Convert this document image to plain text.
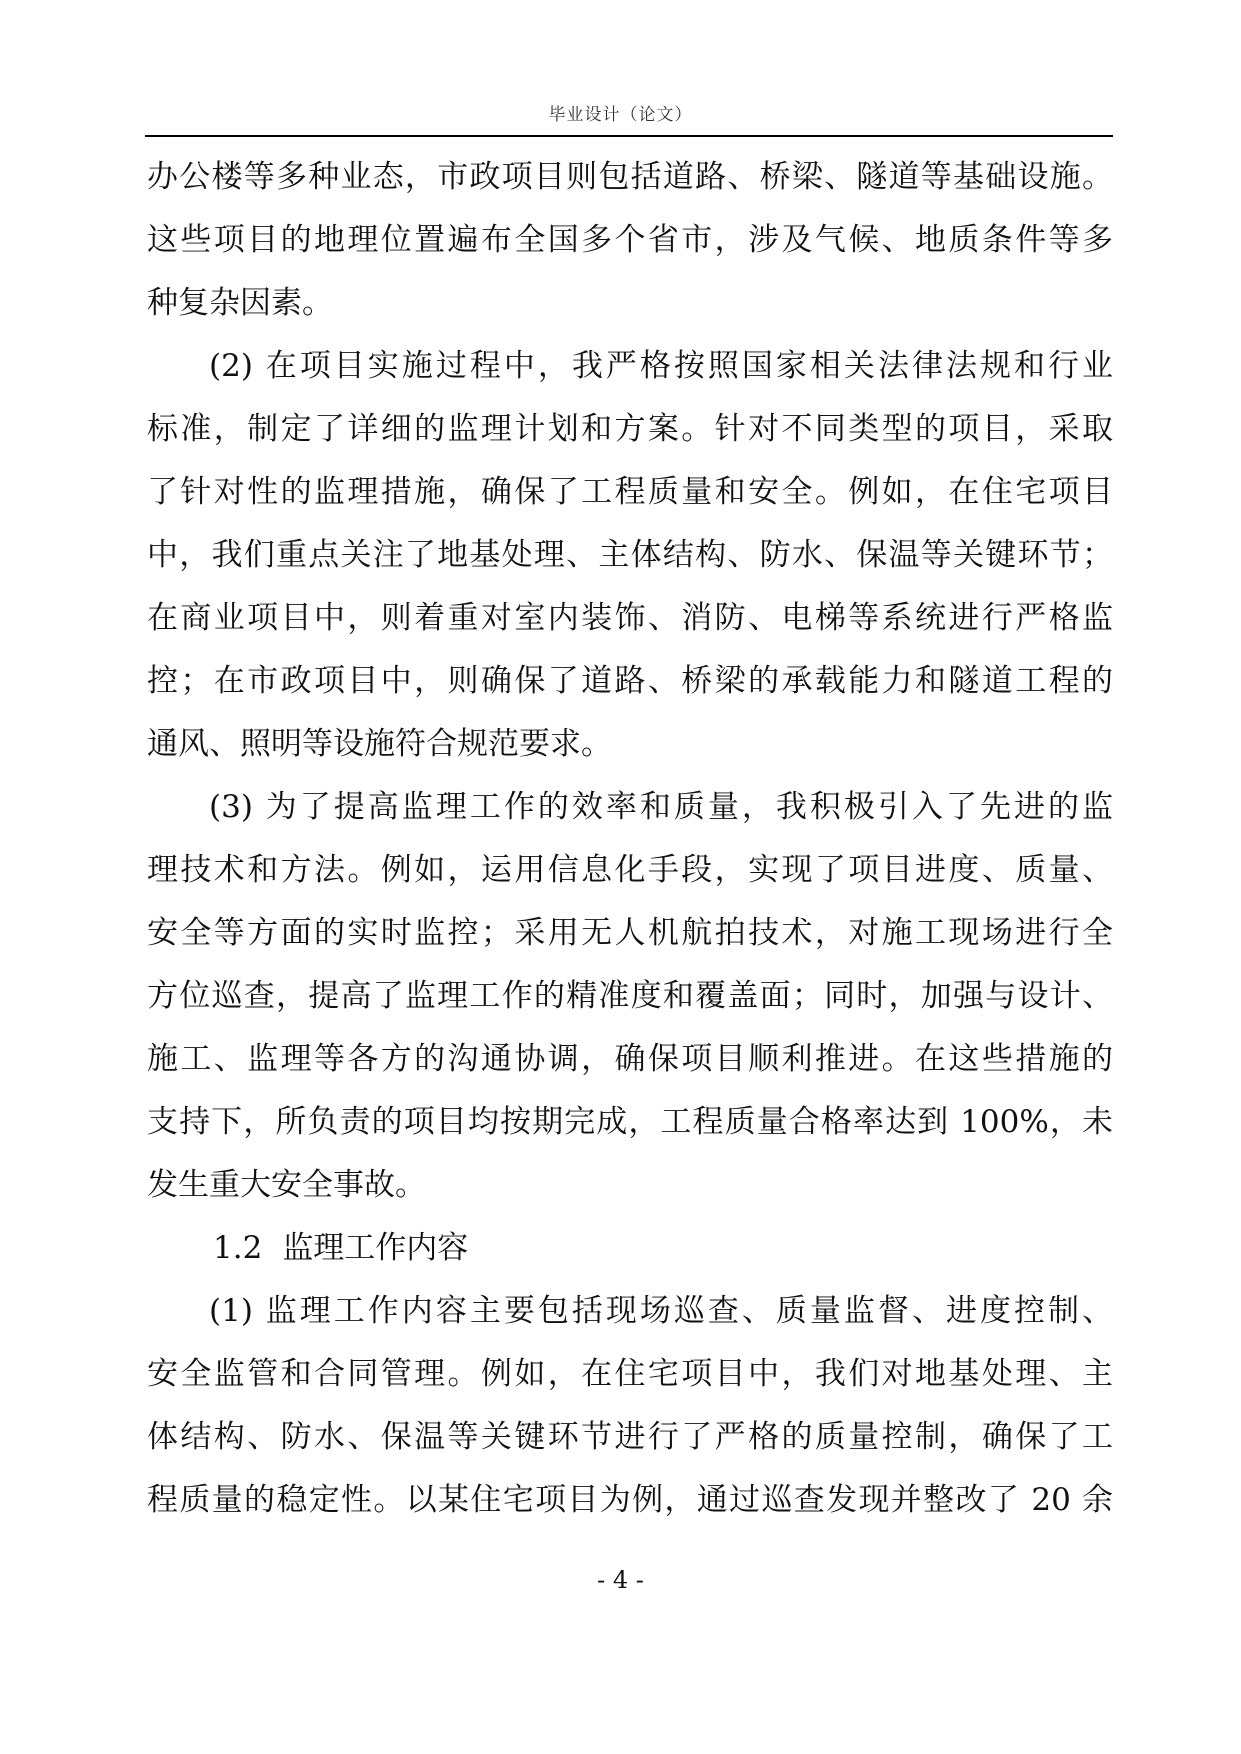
毕业设计（论文）
办公楼等多种业态，市政项目则包括道路、桥梁、隧道等基础设施。
这些项目的地理位置遍布全国多个省市，涉及气候、地质条件等多
种复杂因素。
(2) 在项目实施过程中，我严格按照国家相关法律法规和行业
标准，制定了详细的监理计划和方案。针对不同类型的项目，采取
了针对性的监理措施，确保了工程质量和安全。例如，在住宅项目
中，我们重点关注了地基处理、主体结构、防水、保温等关键环节；
在商业项目中，则着重对室内装饰、消防、电梯等系统进行严格监
控；在市政项目中，则确保了道路、桥梁的承载能力和隧道工程的
通风、照明等设施符合规范要求。
(3) 为了提高监理工作的效率和质量，我积极引入了先进的监
理技术和方法。例如，运用信息化手段，实现了项目进度、质量、
安全等方面的实时监控；采用无人机航拍技术，对施工现场进行全
方位巡查，提高了监理工作的精准度和覆盖面；同时，加强与设计、
施工、监理等各方的沟通协调，确保项目顺利推进。在这些措施的
支持下，所负责的项目均按期完成，工程质量合格率达到 100%，未
发生重大安全事故。
1.2 监理工作内容
(1) 监理工作内容主要包括现场巡查、质量监督、进度控制、
安全监管和合同管理。例如，在住宅项目中，我们对地基处理、主
体结构、防水、保温等关键环节进行了严格的质量控制，确保了工
程质量的稳定性。以某住宅项目为例，通过巡查发现并整改了 20 余
- 4 -
